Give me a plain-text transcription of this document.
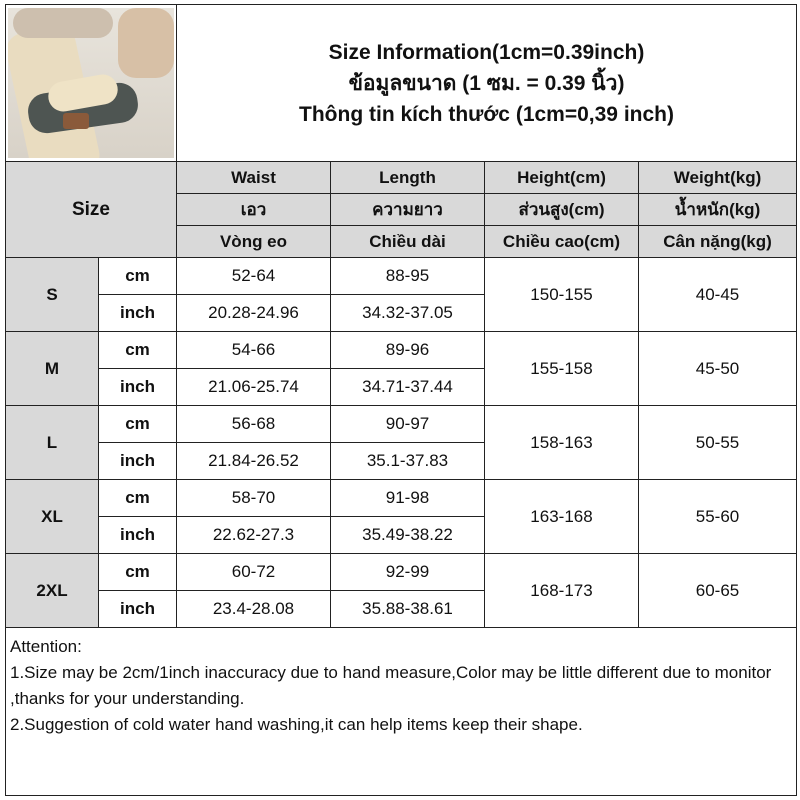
		Size Information(1cm=0.39inch)
ข้อมูลขนาด (1 ซม. = 0.39 นิ้ว)
Thông tin kích thước (1cm=0,39 inch)			

Size		Waist	Length	Height(cm)	Weight(kg)
		เอว	ความยาว	ส่วนสูง(cm)	น้ำหนัก(kg)
		Vòng eo	Chiều dài	Chiều cao(cm)	Cân nặng(kg)
S	cm	52-64	88-95	150-155	40-45
	inch	20.28-24.96	34.32-37.05		
M	cm	54-66	89-96	155-158	45-50
	inch	21.06-25.74	34.71-37.44		
L	cm	56-68	90-97	158-163	50-55
	inch	21.84-26.52	35.1-37.83		
XL	cm	58-70	91-98	163-168	55-60
	inch	22.62-27.3	35.49-38.22		
2XL	cm	60-72	92-99	168-173	60-65
	inch	23.4-28.08	35.88-38.61		

Attention:
1.Size may be 2cm/1inch inaccuracy due to hand measure,Color may be little different due to monitor ,thanks for your understanding.
2.Suggestion of cold water hand washing,it can help items keep their shape.					
